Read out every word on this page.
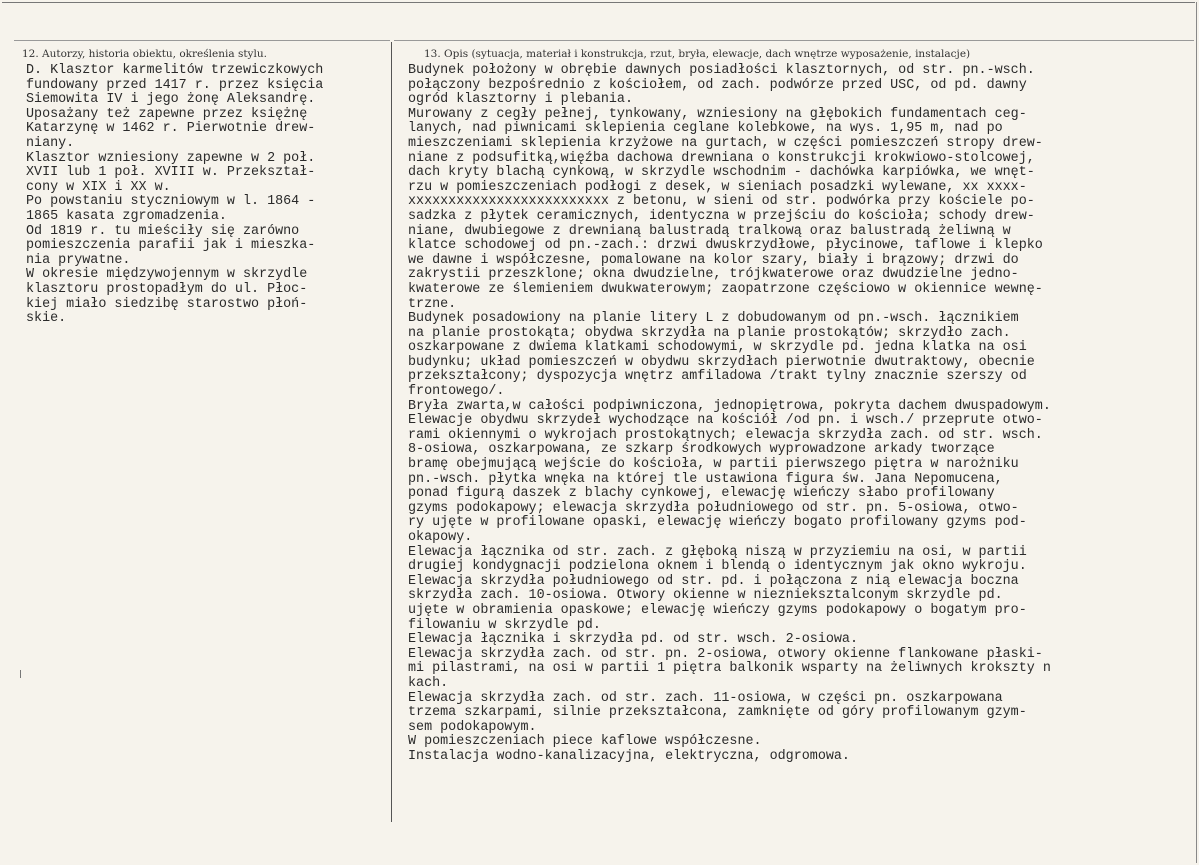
12. Autorzy, historia obiektu, określenia stylu.	13. Opis (sytuacja, materiał i konstrukcja, rzut, bryła, elewacje, dach wnętrze wyposażenie, instalacje)
D. Klasztor karmelitów trzewiczkowych
fundowany przed 1417 r. przez księcia
Siemowita IV i jego żonę Aleksandrę.
Uposażany też zapewne przez księżnę
Katarzynę w 1462 r. Pierwotnie drew-
niany.
Klasztor wzniesiony zapewne w 2 poł.
XVII lub 1 poł. XVIII w. Przekształ-
cony w XIX i XX w.
Po powstaniu styczniowym w l. 1864 -
1865 kasata zgromadzenia.
Od 1819 r. tu mieściły się zarówno
pomieszczenia parafii jak i mieszka-
nia prywatne.
W okresie międzywojennym w skrzydle
klasztoru prostopadłym do ul. Płoc-
kiej miało siedzibę starostwo płoń-
skie.
Budynek położony w obrębie dawnych posiadłości klasztornych, od str. pn.-wsch.
połączony bezpośrednio z kościołem, od zach. podwórze przed USC, od pd. dawny
ogród klasztorny i plebania.
Murowany z cegły pełnej, tynkowany, wzniesiony na głębokich fundamentach ceg-
lanych, nad piwnicami sklepienia ceglane kolebkowe, na wys. 1,95 m, nad po
mieszczeniami sklepienia krzyżowe na gurtach, w części pomieszczeń stropy drew-
niane z podsufitką,więźba dachowa drewniana o konstrukcji krokwiowo-stolcowej,
dach kryty blachą cynkową, w skrzydle wschodnim - dachówka karpiówka, we wnęt-
rzu w pomieszczeniach podłogi z desek, w sieniach posadzki wylewane, xx xxxx-
xxxxxxxxxxxxxxxxxxxxxxxxx z betonu, w sieni od str. podwórka przy kościele po-
sadzka z płytek ceramicznych, identyczna w przejściu do kościoła; schody drew-
niane, dwubiegowe z drewnianą balustradą tralkową oraz balustradą żeliwną w
klatce schodowej od pn.-zach.: drzwi dwuskrzydłowe, płycinowe, taflowe i klepko
we dawne i współczesne, pomalowane na kolor szary, biały i brązowy; drzwi do
zakrystii przeszklone; okna dwudzielne, trójkwaterowe oraz dwudzielne jedno-
kwaterowe ze ślemieniem dwukwaterowym; zaopatrzone częściowo w okiennice wewnę-
trzne.
Budynek posadowiony na planie litery L z dobudowanym od pn.-wsch. łącznikiem
na planie prostokąta; obydwa skrzydła na planie prostokątów; skrzydło zach.
oszkarpowane z dwiema klatkami schodowymi, w skrzydle pd. jedna klatka na osi
budynku; układ pomieszczeń w obydwu skrzydłach pierwotnie dwutraktowy, obecnie
przekształcony; dyspozycja wnętrz amfiladowa /trakt tylny znacznie szerszy od
frontowego/.
Bryła zwarta,w całości podpiwniczona, jednopiętrowa, pokryta dachem dwuspadowym.
Elewacje obydwu skrzydeł wychodzące na kościół /od pn. i wsch./ przeprute otwo-
rami okiennymi o wykrojach prostokątnych; elewacja skrzydła zach. od str. wsch.
8-osiowa, oszkarpowana, ze szkarp środkowych wyprowadzone arkady tworzące
bramę obejmującą wejście do kościoła, w partii pierwszego piętra w narożniku
pn.-wsch. płytka wnęka na której tle ustawiona figura św. Jana Nepomucena,
ponad figurą daszek z blachy cynkowej, elewację wieńczy słabo profilowany
gzyms podokapowy; elewacja skrzydła południowego od str. pn. 5-osiowa, otwo-
ry ujęte w profilowane opaski, elewację wieńczy bogato profilowany gzyms pod-
okapowy.
Elewacja łącznika od str. zach. z głęboką niszą w przyziemiu na osi, w partii
drugiej kondygnacji podzielona oknem i blendą o identycznym jak okno wykroju.
Elewacja skrzydła południowego od str. pd. i połączona z nią elewacja boczna
skrzydła zach. 10-osiowa. Otwory okienne w nieznieksztalconym skrzydle pd.
ujęte w obramienia opaskowe; elewację wieńczy gzyms podokapowy o bogatym pro-
filowaniu w skrzydle pd.
Elewacja łącznika i skrzydła pd. od str. wsch. 2-osiowa.
Elewacja skrzydła zach. od str. pn. 2-osiowa, otwory okienne flankowane płaski-
mi pilastrami, na osi w partii 1 piętra balkonik wsparty na żeliwnych krokszty n
kach.
Elewacja skrzydła zach. od str. zach. 11-osiowa, w części pn. oszkarpowana
trzema szkarpami, silnie przekształcona, zamknięte od góry profilowanym gzym-
sem podokapowym.
W pomieszczeniach piece kaflowe współczesne.
Instalacja wodno-kanalizacyjna, elektryczna, odgromowa.
